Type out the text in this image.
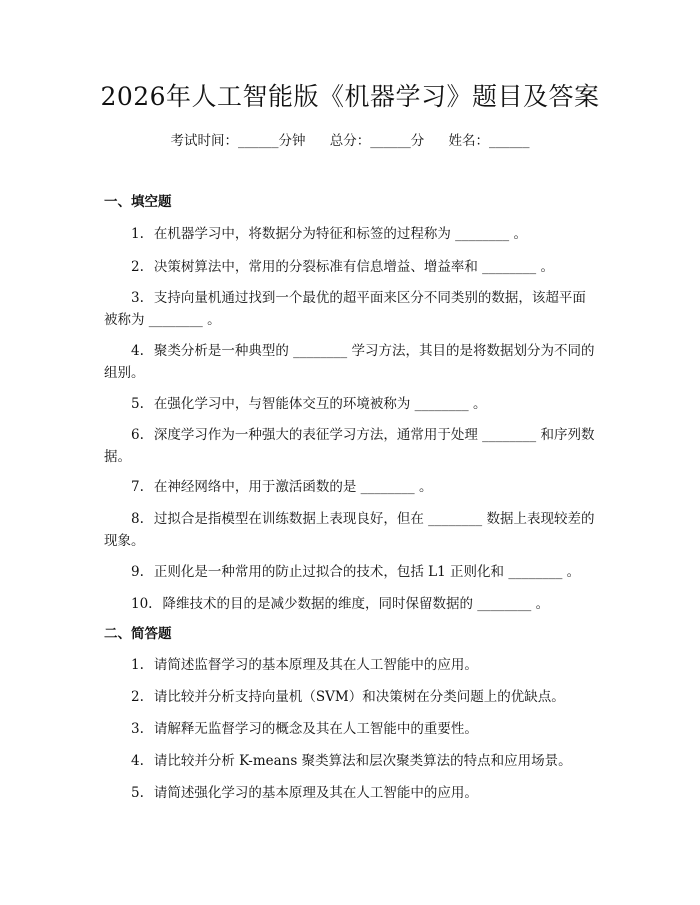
2026年人工智能版《机器学习》题目及答案
考试时间：______分钟 总分：______分 姓名：______
一、填空题
1. 在机器学习中，将数据分为特征和标签的过程称为 ________ 。
2. 决策树算法中，常用的分裂标准有信息增益、增益率和 ________ 。
3. 支持向量机通过找到一个最优的超平面来区分不同类别的数据，该超平面被称为 ________ 。
4. 聚类分析是一种典型的 ________ 学习方法，其目的是将数据划分为不同的组别。
5. 在强化学习中，与智能体交互的环境被称为 ________ 。
6. 深度学习作为一种强大的表征学习方法，通常用于处理 ________ 和序列数据。
7. 在神经网络中，用于激活函数的是 ________ 。
8. 过拟合是指模型在训练数据上表现良好，但在 ________ 数据上表现较差的现象。
9. 正则化是一种常用的防止过拟合的技术，包括 L1 正则化和 ________ 。
10. 降维技术的目的是减少数据的维度，同时保留数据的 ________ 。
二、简答题
1. 请简述监督学习的基本原理及其在人工智能中的应用。
2. 请比较并分析支持向量机（SVM）和决策树在分类问题上的优缺点。
3. 请解释无监督学习的概念及其在人工智能中的重要性。
4. 请比较并分析 K-means 聚类算法和层次聚类算法的特点和应用场景。
5. 请简述强化学习的基本原理及其在人工智能中的应用。
